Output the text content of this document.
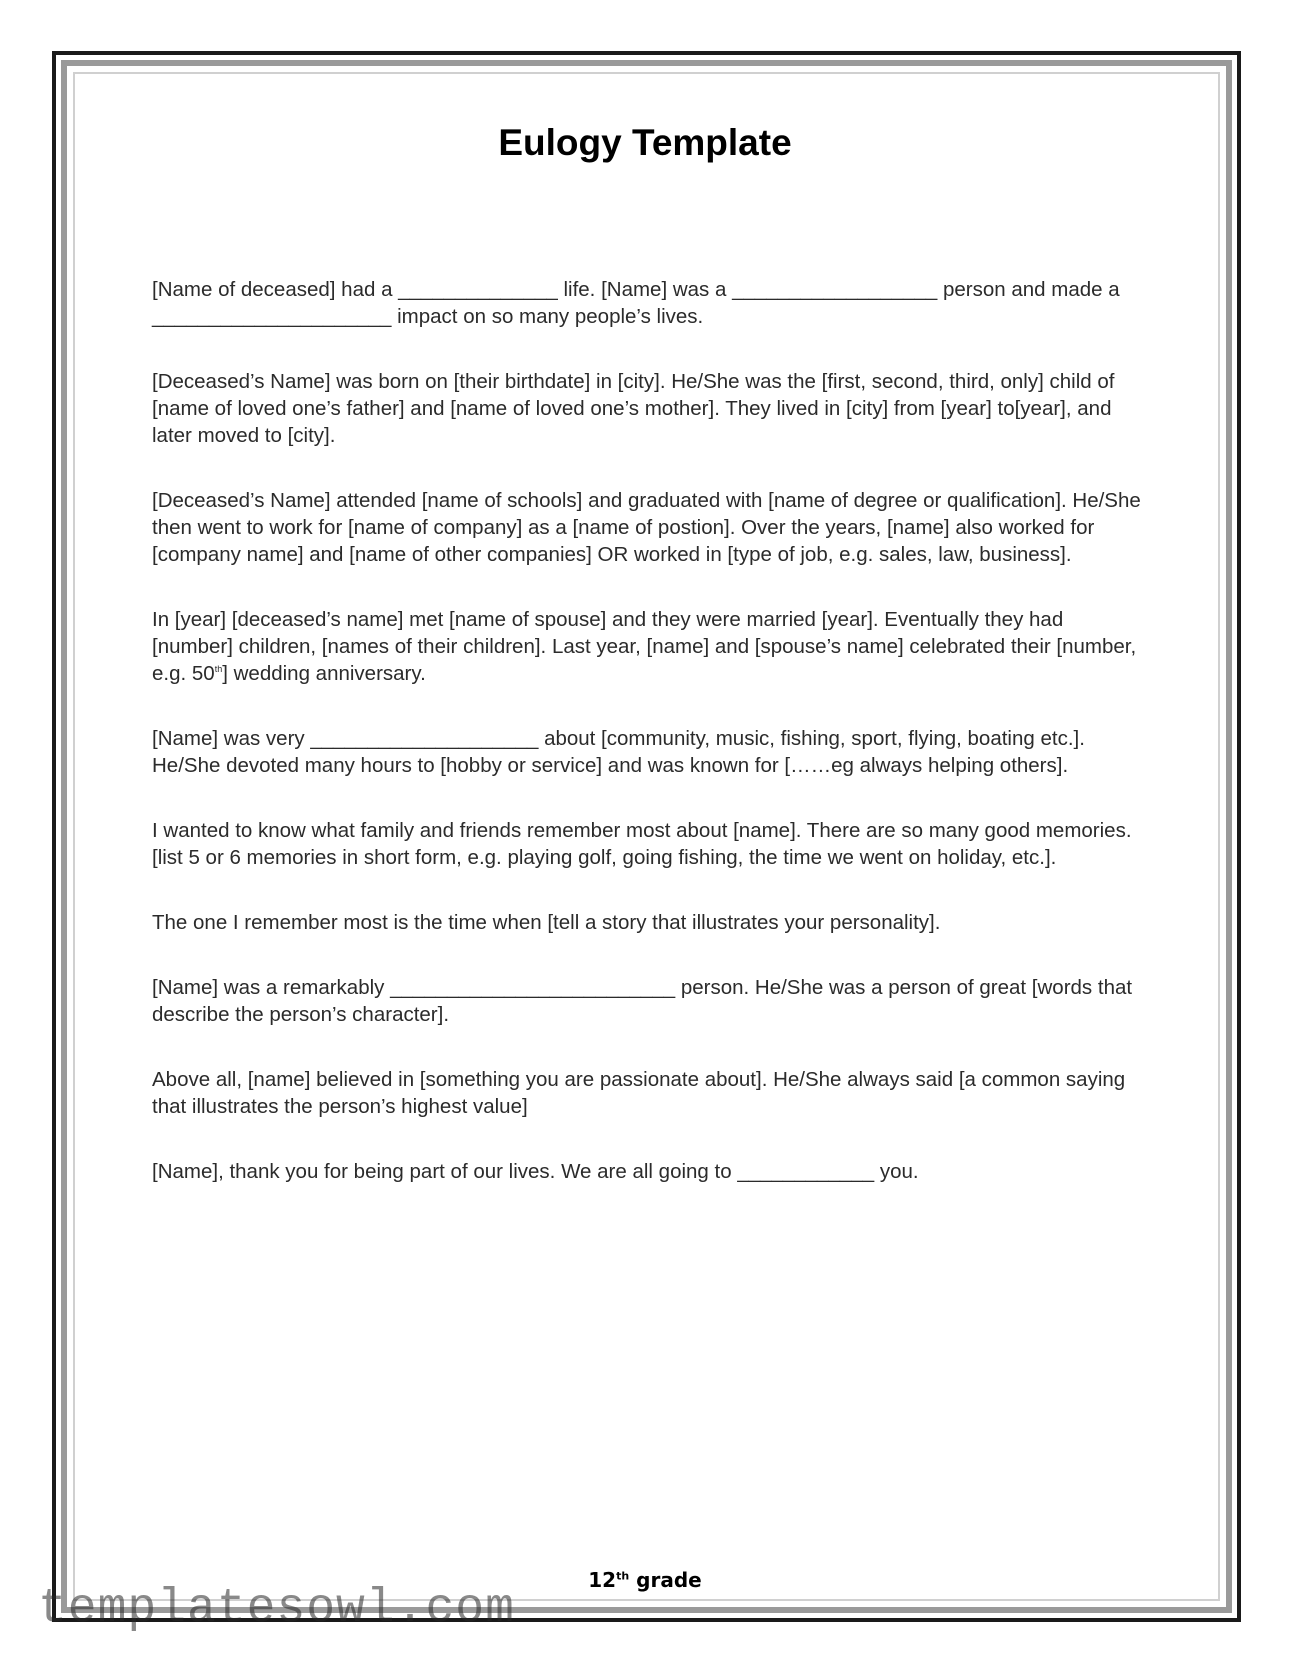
Eulogy Template

[Name of deceased] had a ______________ life. [Name] was a __________________ person and made a _____________________ impact on so many people’s lives.

[Deceased’s Name] was born on [their birthdate] in [city]. He/She was the [first, second, third, only] child of [name of loved one’s father] and [name of loved one’s mother]. They lived in [city] from [year] to[year], and later moved to [city].

[Deceased’s Name] attended [name of schools] and graduated with [name of degree or qualification]. He/She then went to work for [name of company] as a [name of postion]. Over the years, [name] also worked for [company name] and [name of other companies] OR worked in [type of job, e.g. sales, law, business].

In [year] [deceased’s name] met [name of spouse] and they were married [year]. Eventually they had [number] children, [names of their children]. Last year, [name] and [spouse’s name] celebrated their [number, e.g. 50th] wedding anniversary.

[Name] was very ____________________ about [community, music, fishing, sport, flying, boating etc.]. He/She devoted many hours to [hobby or service] and was known for [……eg always helping others].

I wanted to know what family and friends remember most about [name]. There are so many good memories. [list 5 or 6 memories in short form, e.g. playing golf, going fishing, the time we went on holiday, etc.].

The one I remember most is the time when [tell a story that illustrates your personality].

[Name] was a remarkably _________________________ person. He/She was a person of great [words that describe the person’s character].

Above all, [name] believed in [something you are passionate about]. He/She always said [a common saying that illustrates the person’s highest value]

[Name], thank you for being part of our lives. We are all going to ____________ you.

12th grade
templatesowl.com
